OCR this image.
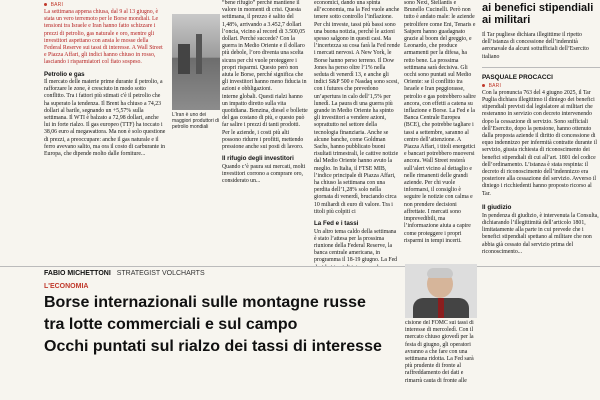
BARI

La settimana appena chiusa, dal 9 al 13 giugno, è stata un vero terremoto per le Borse mondiali. Le tensioni tra Israele e Iran hanno fatto schizzare i prezzi di petrolio, gas naturale e oro, mentre gli investitori aspettano con ansia le mosse della Federal Reserve sui tassi di interesse. A Wall Street e Piazza Affari, gli indici hanno chiuso in rosso, lasciando i risparmiatori col fiato sospeso.

Petrolio e gas

Il mercato delle materie prime durante il petrolio, a rafforzare le zone, è cresciuto in modo sotto conflitto. Tra i fattori più stimati c'è il petrolio che ha superato la tendenza. Il Brent ha chiuso a 74,23 dollari al barile, segnando un +5,57% sulla settimana. Il WTI è balzato a 72,98 dollari, anche lui in forte rialzo. Il gas europeo (TTF) ha toccato i 38,06 euro al megawattora. Ma non è solo questione di prezzi, a preoccupare: anche il gas naturale e il ferro avevano salito, ma ora il costo di carburante in Europa, che dipende molto dalle forniture...

L’Iran è uno dei maggiori produttori di petrolio mondiali

“bene rifugio” perché mantiene il valore in momenti di crisi. Questa settimana, il prezzo è salito del 1,48%, arrivando a 3.452,7 dollari l’oncia, vicino al record di 3.500,05 dollari. Perché succede? Con la guerra in Medio Oriente e il dollaro più debole, l’oro diventa una scelta sicura per chi vuole proteggere i propri risparmi. Questo però non aiuta le Borse, perché significa che gli investitori hanno meno fiducia in azioni e obbligazioni.

interne globali. Questi rialzi hanno un impatto diretto sulla vita quotidiana. Benzina, diesel e bollette del gas costano di più, e questo può far salire i prezzi di tanti prodotti. Per le aziende, i costi più alti possono ridurre i profitti, mettendo pressione anche sui posti di lavoro.

Il rifugio degli investitori

Quando c’è paura sui mercati, molti investitori corrono a comprare oro, considerato un...

economici, dando una spinta all’economia, ma la Fed vuole anche tenere sotto controllo l’inflazione. Per chi investe, tassi più bassi sono una buona notizia, perché le azioni spesso salgono in questi casi. Ma l’incertezza su cosa farà la Fed rende i mercati nervosi. A New York, le Borse hanno perso terreno. Il Dow Jones ha perso oltre l’1% nella seduta di venerdì 13, e anche gli indici S&P 500 e Nasdaq sono scesi, con i futures che prevedono un’apertura in calo dell’1,5% per lunedì. La paura di una guerra più grande in Medio Oriente ha spinto gli investitori a vendere azioni, soprattutto nel settore della tecnologia finanziaria. Anche se alcune banche, come Goldman Sachs, hanno pubblicato buoni risultati trimestrali, le cattive notizie dal Medio Oriente hanno avuto la meglio. In Italia, il FTSE MIB, l’indice principale di Piazza Affari, ha chiuso la settimana con una perdita dell’1,28% solo nella giornata di venerdì, bruciando circa 10 miliardi di euro di valore. Tra i titoli più colpiti ci

La Fed e i tassi

Un altro tema caldo della settimana è stato l’attesa per la prossima riunione della Federal Reserve, la banca centrale americana, in programma il 18-19 giugno. La Fed

sono Nexi, Stellantis e Brunello Cucinelli. Però non tutto è andato male: le aziende petrolifere come Eni, Tenaris e Saipem hanno guadagnato grazie al boom del greggio, e Leonardo, che produce armamenti per la difesa, ha retto bene. La prossima settimana sarà decisiva. Gli occhi sono puntati sul Medio Oriente: se il conflitto tra Israele e Iran peggiorasse, petrolio e gas potrebbero salire ancora, con effetti a catena su inflazione e Borse. La Fed e la Banca Centrale Europea (BCE), che potrebbe tagliare i tassi a settembre, saranno al centro dell’attenzione. A Piazza Affari, i titoli energetici e bancari potrebbero muoversi ancora. Wall Street resterà sull’alert vicino al dettaglio e nelle rimanenti delle grandi aziende. Per chi vuole informarsi, il consiglio è seguire le notizie con calma e non prendere decisioni affrettate. I mercati sono imprevedibili, ma l’informazione aiuta a capire come proteggere i propri risparmi in tempi incerti.

ai benefici stipendiali ai militari

Il Tar pugliese dichiara illegittime il ripetto dell’istanza di concessione dell’indennità aeronavale da alcuni sottufficiali dell’Esercito italiano

PASQUALE PROCACCI
BARI

Con la pronuncia 763 del 4 giugno 2025, il Tar Puglia dichiara illegittimo il diniego dei benefici stipendiali previsti dal legislatore ai militari che resteranno in servizio con decreto intervenendo dopo la cessazione di servizio. Sono sufficiali dell’Esercito, dopo la pensione, hanno ottenuto dalla proposta aziende il diritto di concessione di equo indennizzo per infermità contratte durante il servizio, giusta richiesta di riconoscimento dei benefici stipendiali di cui all’art. 1801 del codice dell’ordinamento. L’istanza è stata respinta: il decreto di riconoscimento dell’indennizzo era posteriore alla cessazione del servizio. Avverso il diniego i ricchiedenti hanno proposto ricorso al Tar.

Il giudizio

In pendenza di giudizio, è intervenuta la Consulta, dichiarando l’illegittimità dell’articolo 1801, limitatamente alla parte in cui prevede che i benefici stipendiali spettano al militare che non abbia già cessato dal servizio prima del riconoscimento...

FABIO MICHETTONI STRATEGIST VOLCHARTS
L'ECONOMIA
Borse internazionali sulle montagne russe
tra lotte commerciali e sul campo
Occhi puntati sul rialzo dei tassi di interesse

cisione del FOMC sui tassi di interesse di mercoledì. Con il mercato chiuso giovedì per la festa di giugno, gli operatori avranno a che fare con una settimana ridotta. La Fed sarà più prudente di fronte al raffreddamento dei dati e rimarrà cauta di fronte alle
